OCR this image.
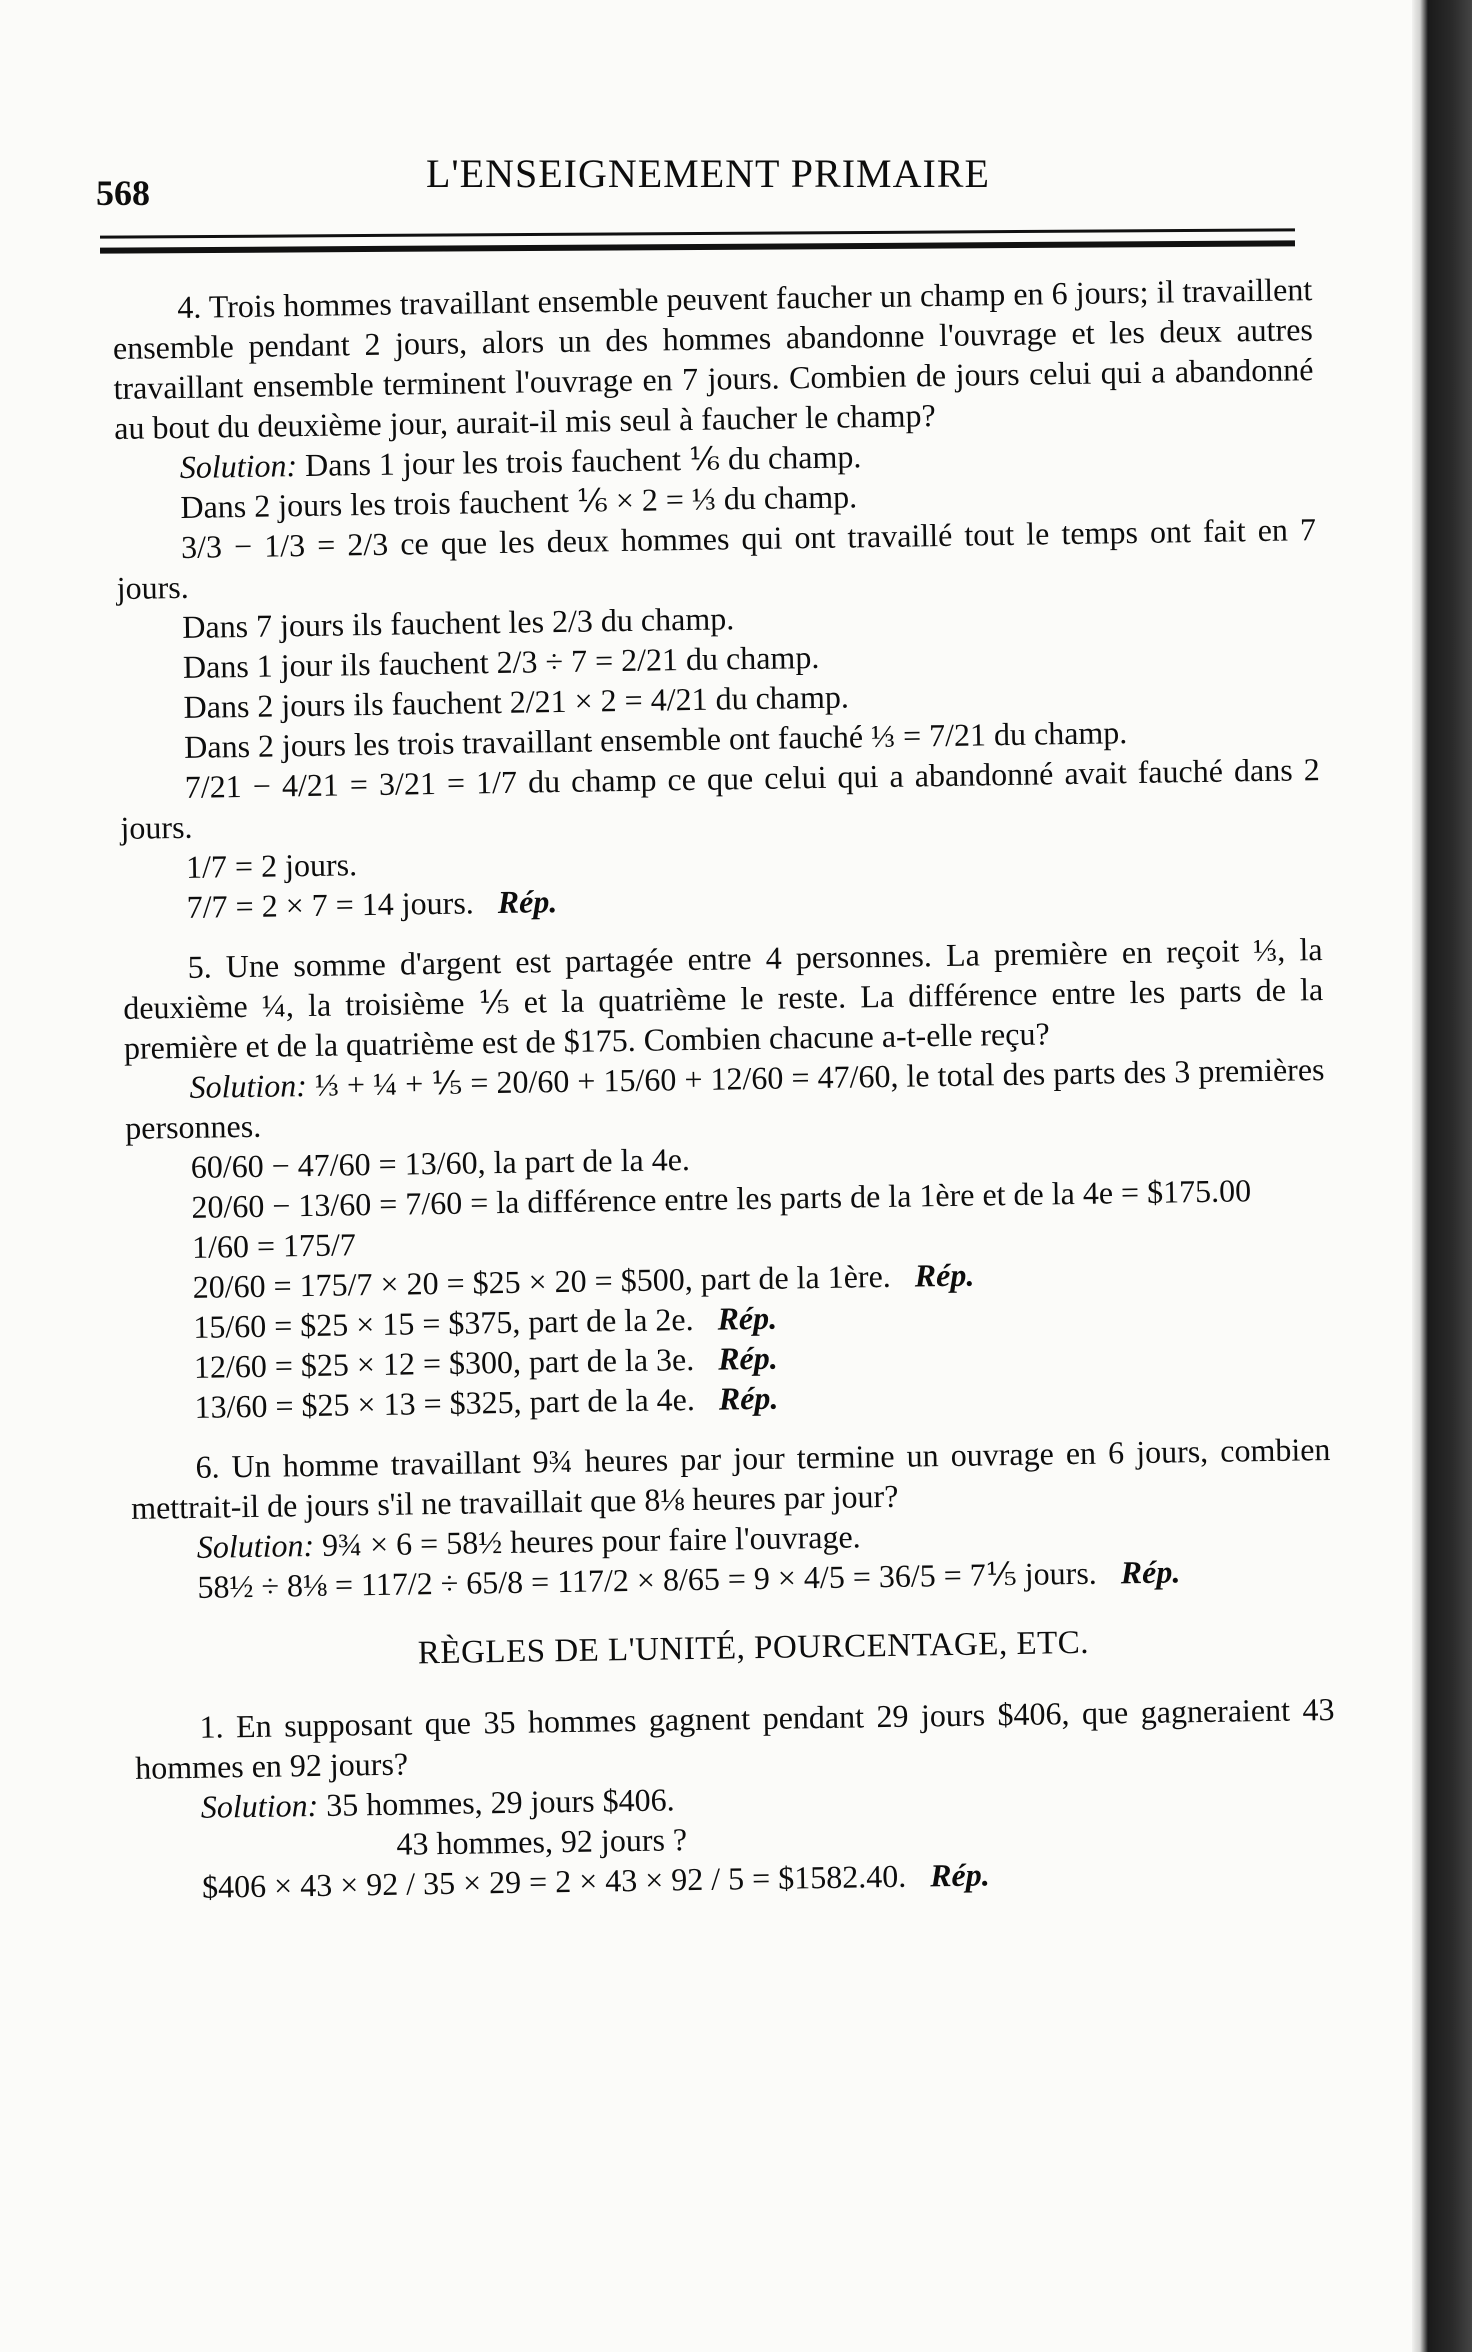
568	L'ENSEIGNEMENT PRIMAIRE

4. Trois hommes travaillant ensemble peuvent faucher un champ en 6 jours; il travaillent ensemble pendant 2 jours, alors un des hommes abandonne l'ouvrage et les deux autres travaillant ensemble terminent l'ouvrage en 7 jours. Combien de jours celui qui a abandonné au bout du deuxième jour, aurait-il mis seul à faucher le champ?

Solution: Dans 1 jour les trois fauchent ⅙ du champ.

Dans 2 jours les trois fauchent ⅙ × 2 = ⅓ du champ.

3/3 − 1/3 = 2/3 ce que les deux hommes qui ont travaillé tout le temps ont fait en 7 jours.

Dans 7 jours ils fauchent les 2/3 du champ.

Dans 1 jour ils fauchent 2/3 ÷ 7 = 2/21 du champ.

Dans 2 jours ils fauchent 2/21 × 2 = 4/21 du champ.

Dans 2 jours les trois travaillant ensemble ont fauché ⅓ = 7/21 du champ.

7/21 − 4/21 = 3/21 = 1/7 du champ ce que celui qui a abandonné avait fauché dans 2 jours.

1/7 = 2 jours.

7/7 = 2 × 7 = 14 jours. Rép.

5. Une somme d'argent est partagée entre 4 personnes. La première en reçoit ⅓, la deuxième ¼, la troisième ⅕ et la quatrième le reste. La différence entre les parts de la première et de la quatrième est de $175. Combien chacune a-t-elle reçu?

Solution: ⅓ + ¼ + ⅕ = 20/60 + 15/60 + 12/60 = 47/60, le total des parts des 3 premières personnes.

60/60 − 47/60 = 13/60, la part de la 4e.

20/60 − 13/60 = 7/60 = la différence entre les parts de la 1ère et de la 4e = $175.00

1/60 = 175/7

20/60 = 175/7 × 20 = $25 × 20 = $500, part de la 1ère. Rép.

15/60 = $25 × 15 = $375, part de la 2e. Rép.

12/60 = $25 × 12 = $300, part de la 3e. Rép.

13/60 = $25 × 13 = $325, part de la 4e. Rép.

6. Un homme travaillant 9¾ heures par jour termine un ouvrage en 6 jours, combien mettrait-il de jours s'il ne travaillait que 8⅛ heures par jour?

Solution: 9¾ × 6 = 58½ heures pour faire l'ouvrage.

58½ ÷ 8⅛ = 117/2 ÷ 65/8 = 117/2 × 8/65 = 9 × 4/5 = 36/5 = 7⅕ jours. Rép.

RÈGLES DE L'UNITÉ, POURCENTAGE, ETC.

1. En supposant que 35 hommes gagnent pendant 29 jours $406, que gagneraient 43 hommes en 92 jours?

Solution: 35 hommes, 29 jours $406.

43 hommes, 92 jours ?

$406 × 43 × 92 / 35 × 29 = 2 × 43 × 92 / 5 = $1582.40. Rép.
